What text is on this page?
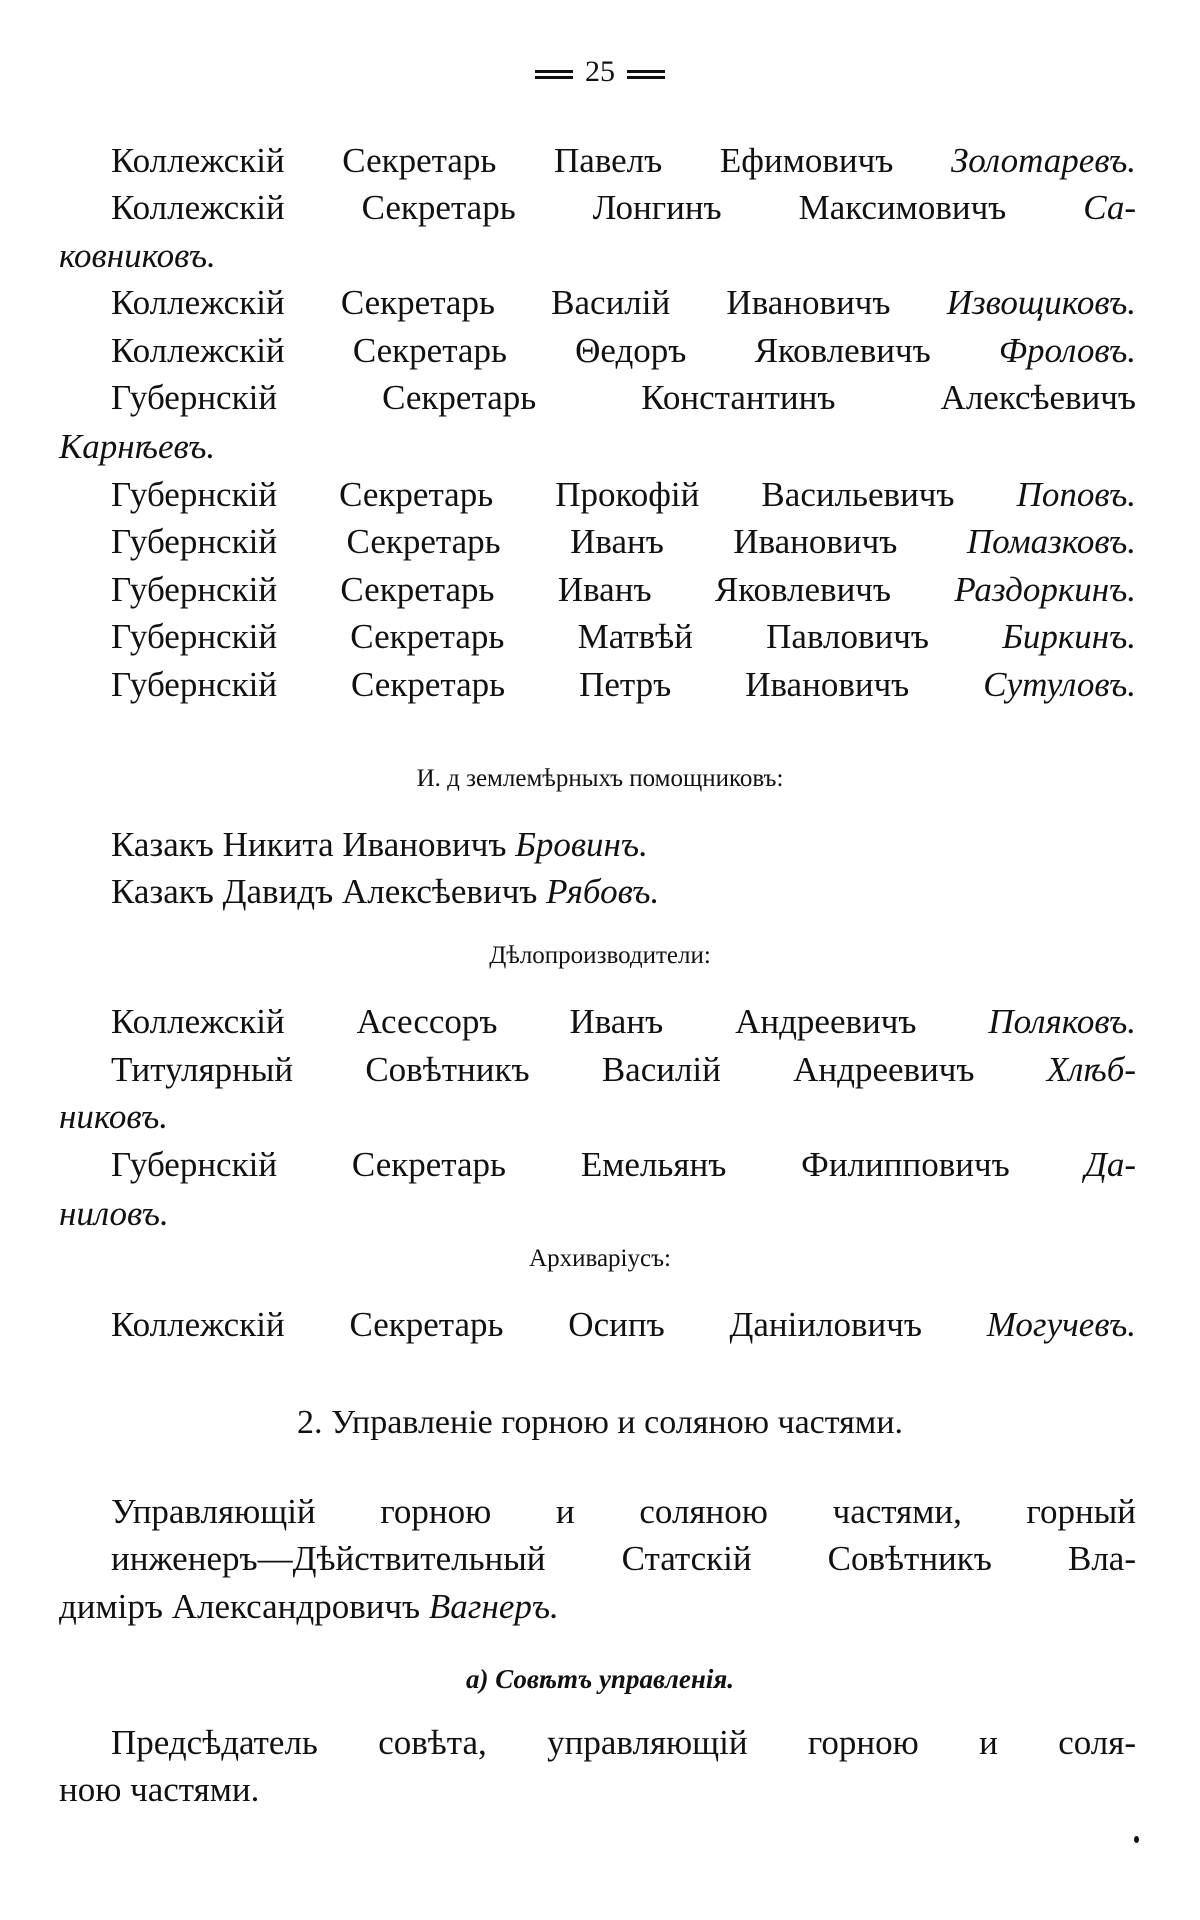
25
Коллежскій Секретарь Павелъ Ефимовичъ Золотаревъ.
Коллежскій Секретарь Лонгинъ Максимовичъ Са-
ковниковъ.
Коллежскій Секретарь Василій Ивановичъ Извощиковъ.
Коллежскій Секретарь Θедоръ Яковлевичъ Фроловъ.
Губернскій Секретарь Константинъ Алексѣевичъ
Карнѣевъ.
Губернскій Секретарь Прокофій Васильевичъ Поповъ.
Губернскій Секретарь Иванъ Ивановичъ Помазковъ.
Губернскій Секретарь Иванъ Яковлевичъ Раздоркинъ.
Губернскій Секретарь Матвѣй Павловичъ Биркинъ.
Губернскій Секретарь Петръ Ивановичъ Сутуловъ.
И. д землемѣрныхъ помощниковъ:
Казакъ Никита Ивановичъ Бровинъ.
Казакъ Давидъ Алексѣевичъ Рябовъ.
Дѣлопроизводители:
Коллежскій Асессоръ Иванъ Андреевичъ Поляковъ.
Титулярный Совѣтникъ Василій Андреевичъ Хлѣб-
никовъ.
Губернскій Секретарь Емельянъ Филипповичъ Да-
ниловъ.
Архиваріусъ:
Коллежскій Секретарь Осипъ Даніиловичъ Могучевъ.
2. Управленіе горною и соляною частями.
Управляющій горною и соляною частями, горный
инженеръ—Дѣйствительный Статскій Совѣтникъ Вла-
диміръ Александровичъ Вагнеръ.
а) Совѣтъ управленія.
Предсѣдатель совѣта, управляющій горною и соля-
ною частями.
